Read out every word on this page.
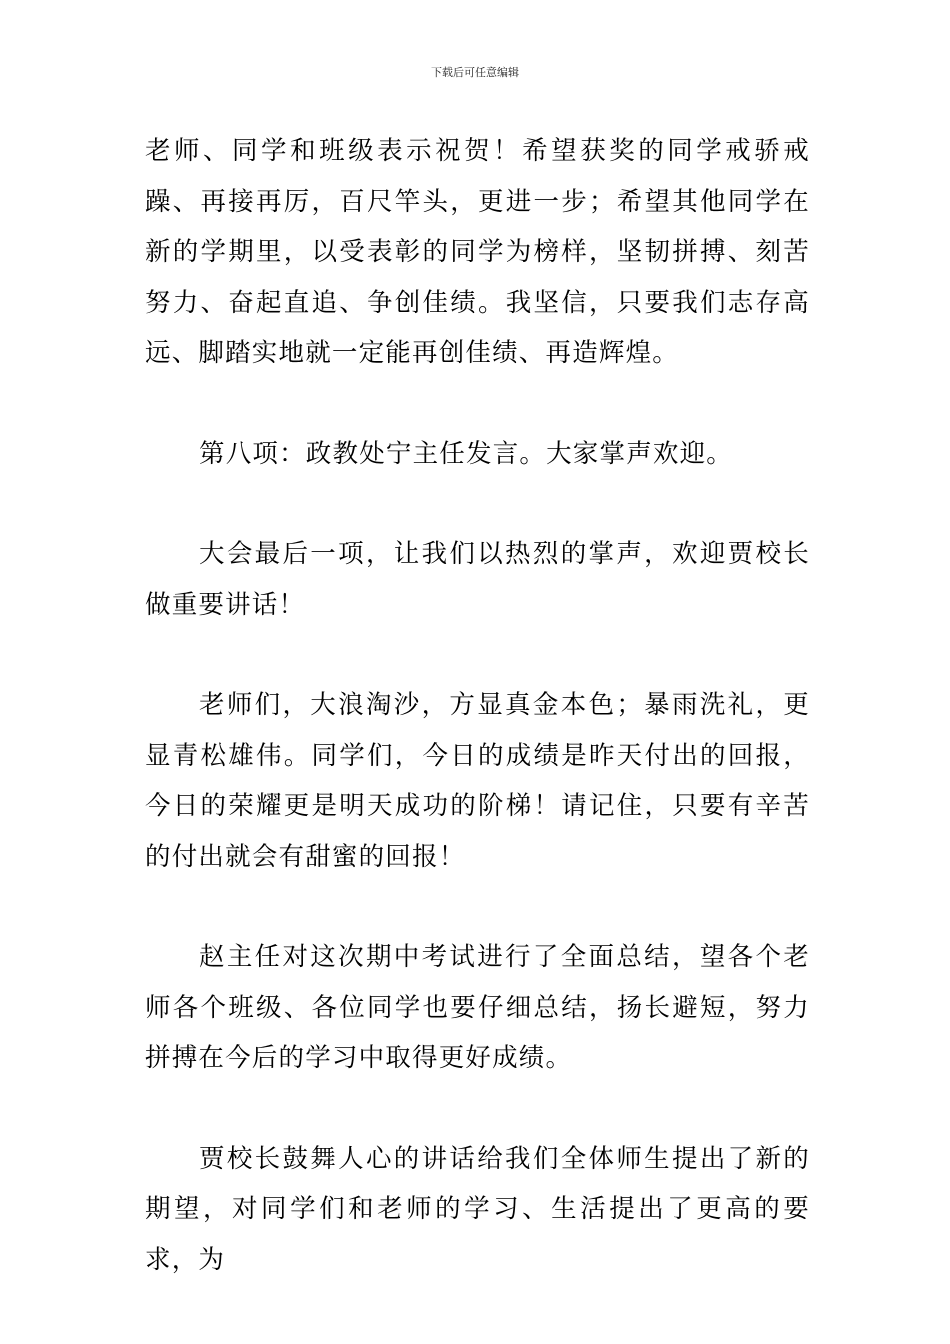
下载后可任意编辑

老师、同学和班级表示祝贺！希望获奖的同学戒骄戒躁、再接再厉，百尺竿头，更进一步；希望其他同学在新的学期里，以受表彰的同学为榜样，坚韧拼搏、刻苦努力、奋起直追、争创佳绩。我坚信，只要我们志存高远、脚踏实地就一定能再创佳绩、再造辉煌。

第八项：政教处宁主任发言。大家掌声欢迎。

大会最后一项，让我们以热烈的掌声，欢迎贾校长做重要讲话！

老师们，大浪淘沙，方显真金本色；暴雨洗礼，更显青松雄伟。同学们，今日的成绩是昨天付出的回报，今日的荣耀更是明天成功的阶梯！请记住，只要有辛苦的付出就会有甜蜜的回报！

赵主任对这次期中考试进行了全面总结，望各个老师各个班级、各位同学也要仔细总结，扬长避短，努力拼搏在今后的学习中取得更好成绩。

贾校长鼓舞人心的讲话给我们全体师生提出了新的期望，对同学们和老师的学习、生活提出了更高的要求，为
